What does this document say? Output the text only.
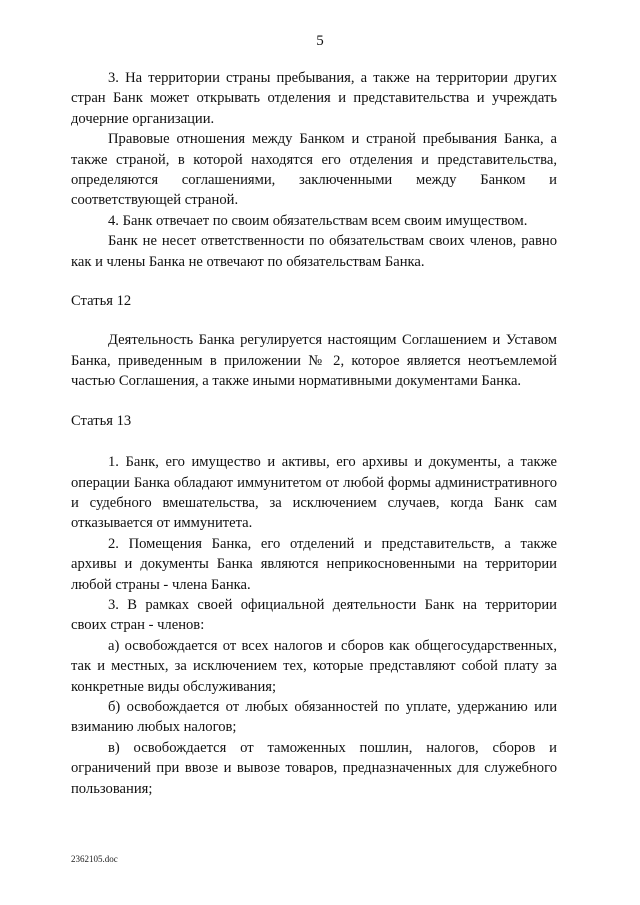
5

3. На территории страны пребывания, а также на территории других стран Банк может открывать отделения и представительства и учреждать дочерние организации.

Правовые отношения между Банком и страной пребывания Банка, а также страной, в которой находятся его отделения и представительства, определяются соглашениями, заключенными между Банком и соответствующей страной.

4. Банк отвечает по своим обязательствам всем своим имуществом.

Банк не несет ответственности по обязательствам своих членов, равно как и члены Банка не отвечают по обязательствам Банка.

Статья 12

Деятельность Банка регулируется настоящим Соглашением и Уставом Банка, приведенным в приложении № 2, которое является неотъемлемой частью Соглашения, а также иными нормативными документами Банка.

Статья 13

1. Банк, его имущество и активы, его архивы и документы, а также операции Банка обладают иммунитетом от любой формы административного и судебного вмешательства, за исключением случаев, когда Банк сам отказывается от иммунитета.

2. Помещения Банка, его отделений и представительств, а также архивы и документы Банка являются неприкосновенными на территории любой страны - члена Банка.

3. В рамках своей официальной деятельности Банк на территории своих стран - членов:

а) освобождается от всех налогов и сборов как общегосударственных, так и местных, за исключением тех, которые представляют собой плату за конкретные виды обслуживания;

б) освобождается от любых обязанностей по уплате, удержанию или взиманию любых налогов;

в) освобождается от таможенных пошлин, налогов, сборов и ограничений при ввозе и вывозе товаров, предназначенных для служебного пользования;

2362105.doc
